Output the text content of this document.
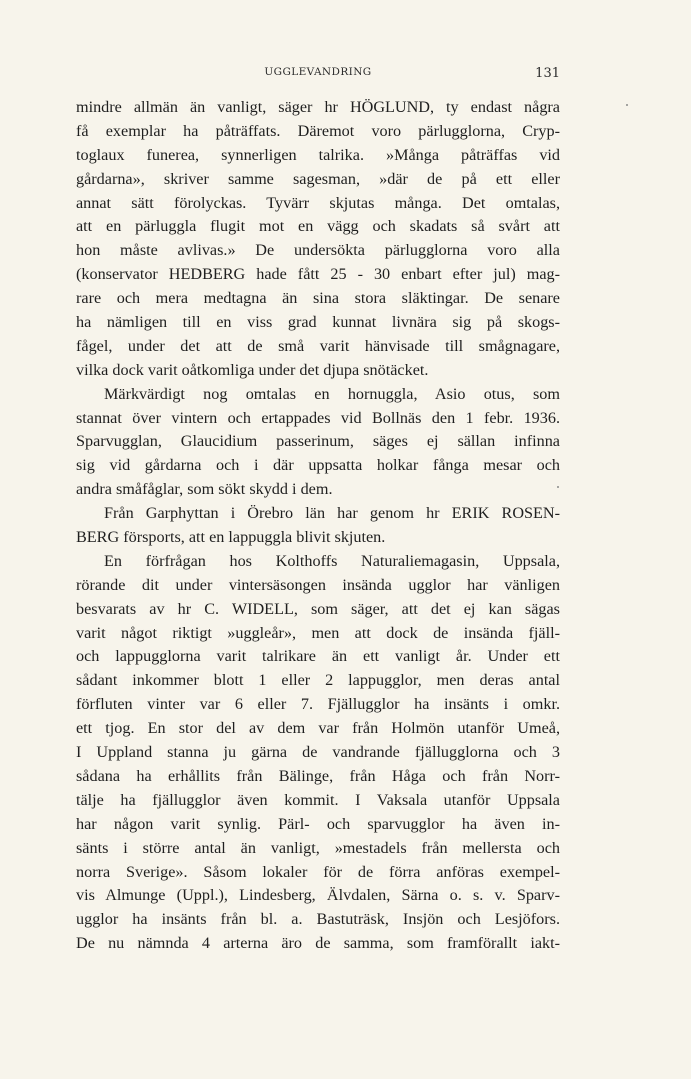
UGGLEVANDRING	131
mindre allmän än vanligt, säger hr HÖGLUND, ty endast några
få exemplar ha påträffats. Däremot voro pärlugglorna, Cryp-
toglaux funerea, synnerligen talrika. »Många påträffas vid
gårdarna», skriver samme sagesman, »där de på ett eller
annat sätt förolyckas. Tyvärr skjutas många. Det omtalas,
att en pärluggla flugit mot en vägg och skadats så svårt att
hon måste avlivas.» De undersökta pärlugglorna voro alla
(konservator HEDBERG hade fått 25 - 30 enbart efter jul) mag-
rare och mera medtagna än sina stora släktingar. De senare
ha nämligen till en viss grad kunnat livnära sig på skogs-
fågel, under det att de små varit hänvisade till smågnagare,
vilka dock varit oåtkomliga under det djupa snötäcket.
Märkvärdigt nog omtalas en hornuggla, Asio otus, som
stannat över vintern och ertappades vid Bollnäs den 1 febr. 1936.
Sparvugglan, Glaucidium passerinum, säges ej sällan infinna
sig vid gårdarna och i där uppsatta holkar fånga mesar och
andra småfåglar, som sökt skydd i dem.
Från Garphyttan i Örebro län har genom hr ERIK ROSEN-
BERG försports, att en lappuggla blivit skjuten.
En förfrågan hos Kolthoffs Naturaliemagasin, Uppsala,
rörande dit under vintersäsongen insända ugglor har vänligen
besvarats av hr C. WIDELL, som säger, att det ej kan sägas
varit något riktigt »uggleår», men att dock de insända fjäll-
och lappugglorna varit talrikare än ett vanligt år. Under ett
sådant inkommer blott 1 eller 2 lappugglor, men deras antal
förfluten vinter var 6 eller 7. Fjällugglor ha insänts i omkr.
ett tjog. En stor del av dem var från Holmön utanför Umeå,
I Uppland stanna ju gärna de vandrande fjällugglorna och 3
sådana ha erhållits från Bälinge, från Håga och från Norr-
tälje ha fjällugglor även kommit. I Vaksala utanför Uppsala
har någon varit synlig. Pärl- och sparvugglor ha även in-
sänts i större antal än vanligt, »mestadels från mellersta och
norra Sverige». Såsom lokaler för de förra anföras exempel-
vis Almunge (Uppl.), Lindesberg, Älvdalen, Särna o. s. v. Sparv-
ugglor ha insänts från bl. a. Bastuträsk, Insjön och Lesjöfors.
De nu nämnda 4 arterna äro de samma, som framförallt iakt-
